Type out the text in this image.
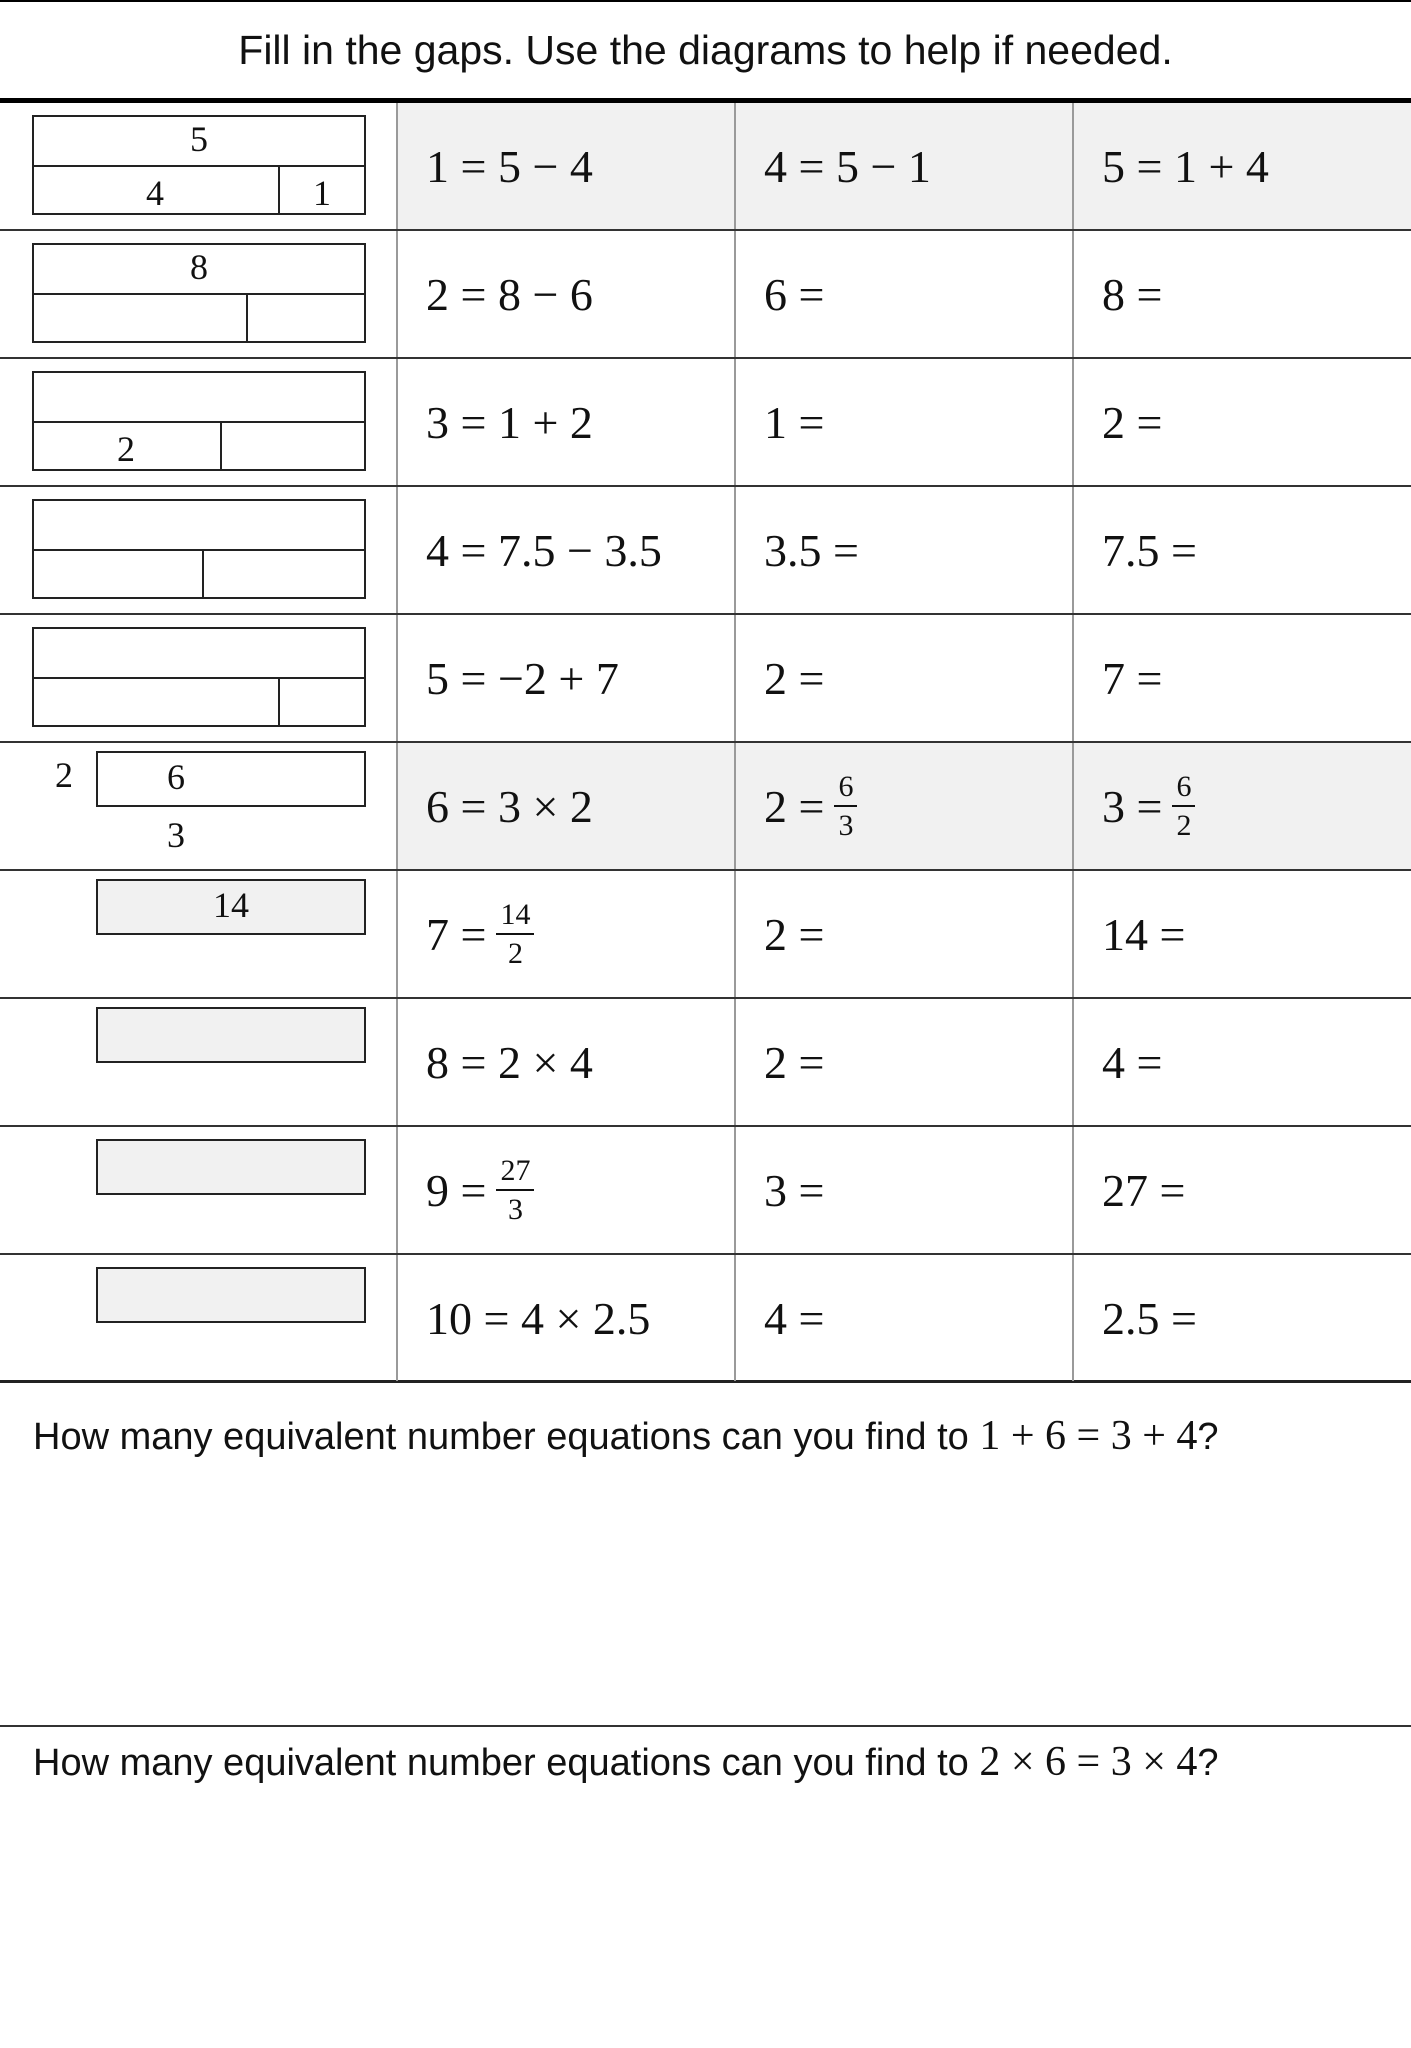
Fill in the gaps. Use the diagrams to help if needed.
5
4	1
1 = 5 − 4	4 = 5 − 1	5 = 1 + 4
8
2 = 8 − 6	6 =	8 =
2
3 = 1 + 2	1 =	2 =
4 = 7.5 − 3.5	3.5 =	7.5 =
5 = −2 + 7	2 =	7 =
2	6
3
6 = 3 × 2	$2 = \frac{6}{3}$	$3 = \frac{6}{2}$
14
$7 = \frac{14}{2}$	2 =	14 =
8 = 2 × 4	2 =	4 =
$9 = \frac{27}{3}$	3 =	27 =
10 = 4 × 2.5	4 =	2.5 =
How many equivalent number equations can you find to 1 + 6 = 3 + 4?
How many equivalent number equations can you find to 2 × 6 = 3 × 4?
